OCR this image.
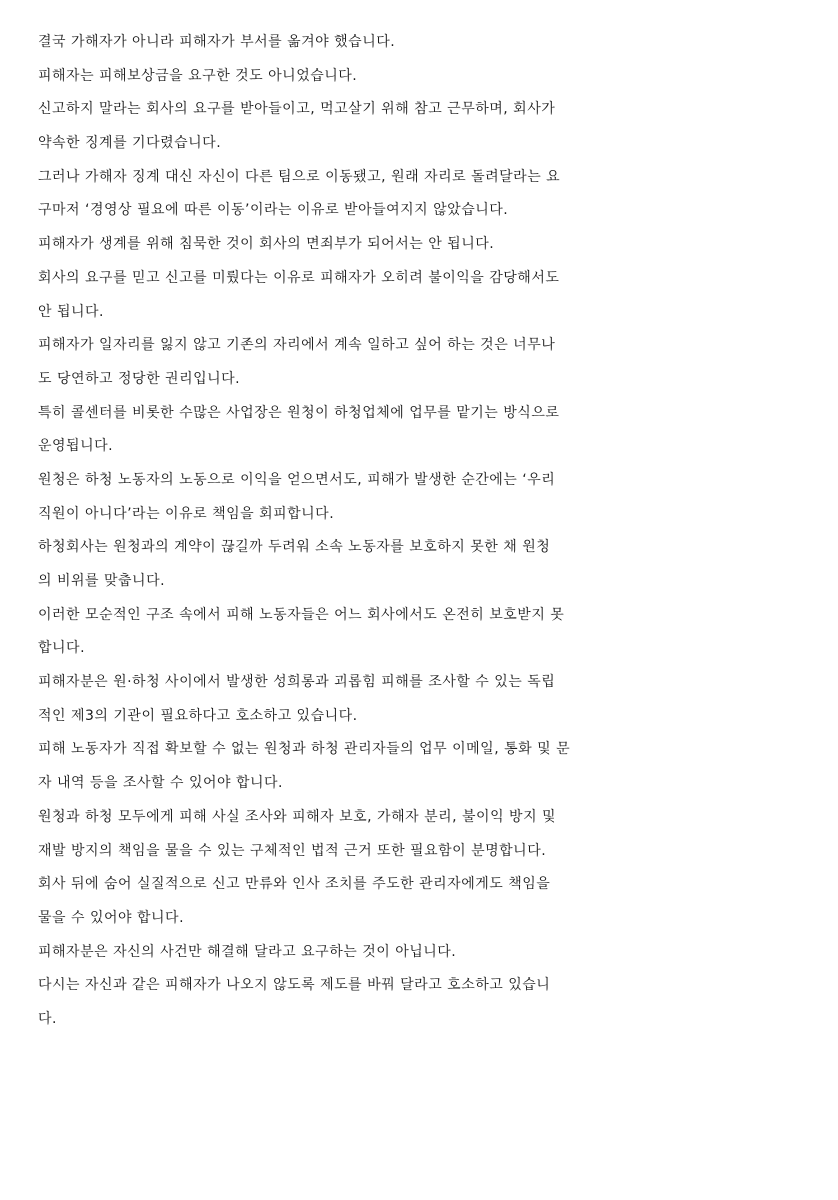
결국 가해자가 아니라 피해자가 부서를 옮겨야 했습니다.
피해자는 피해보상금을 요구한 것도 아니었습니다.
신고하지 말라는 회사의 요구를 받아들이고, 먹고살기 위해 참고 근무하며, 회사가
약속한 징계를 기다렸습니다.
그러나 가해자 징계 대신 자신이 다른 팀으로 이동됐고, 원래 자리로 돌려달라는 요
구마저 ‘경영상 필요에 따른 이동’이라는 이유로 받아들여지지 않았습니다.
피해자가 생계를 위해 침묵한 것이 회사의 면죄부가 되어서는 안 됩니다.
회사의 요구를 믿고 신고를 미뤘다는 이유로 피해자가 오히려 불이익을 감당해서도
안 됩니다.
피해자가 일자리를 잃지 않고 기존의 자리에서 계속 일하고 싶어 하는 것은 너무나
도 당연하고 정당한 권리입니다.
특히 콜센터를 비롯한 수많은 사업장은 원청이 하청업체에 업무를 맡기는 방식으로
운영됩니다.
원청은 하청 노동자의 노동으로 이익을 얻으면서도, 피해가 발생한 순간에는 ‘우리
직원이 아니다’라는 이유로 책임을 회피합니다.
하청회사는 원청과의 계약이 끊길까 두려워 소속 노동자를 보호하지 못한 채 원청
의 비위를 맞춥니다.
이러한 모순적인 구조 속에서 피해 노동자들은 어느 회사에서도 온전히 보호받지 못
합니다.
피해자분은 원·하청 사이에서 발생한 성희롱과 괴롭힘 피해를 조사할 수 있는 독립
적인 제3의 기관이 필요하다고 호소하고 있습니다.
피해 노동자가 직접 확보할 수 없는 원청과 하청 관리자들의 업무 이메일, 통화 및 문
자 내역 등을 조사할 수 있어야 합니다.
원청과 하청 모두에게 피해 사실 조사와 피해자 보호, 가해자 분리, 불이익 방지 및
재발 방지의 책임을 물을 수 있는 구체적인 법적 근거 또한 필요함이 분명합니다.
회사 뒤에 숨어 실질적으로 신고 만류와 인사 조치를 주도한 관리자에게도 책임을
물을 수 있어야 합니다.
피해자분은 자신의 사건만 해결해 달라고 요구하는 것이 아닙니다.
다시는 자신과 같은 피해자가 나오지 않도록 제도를 바꿔 달라고 호소하고 있습니
다.
